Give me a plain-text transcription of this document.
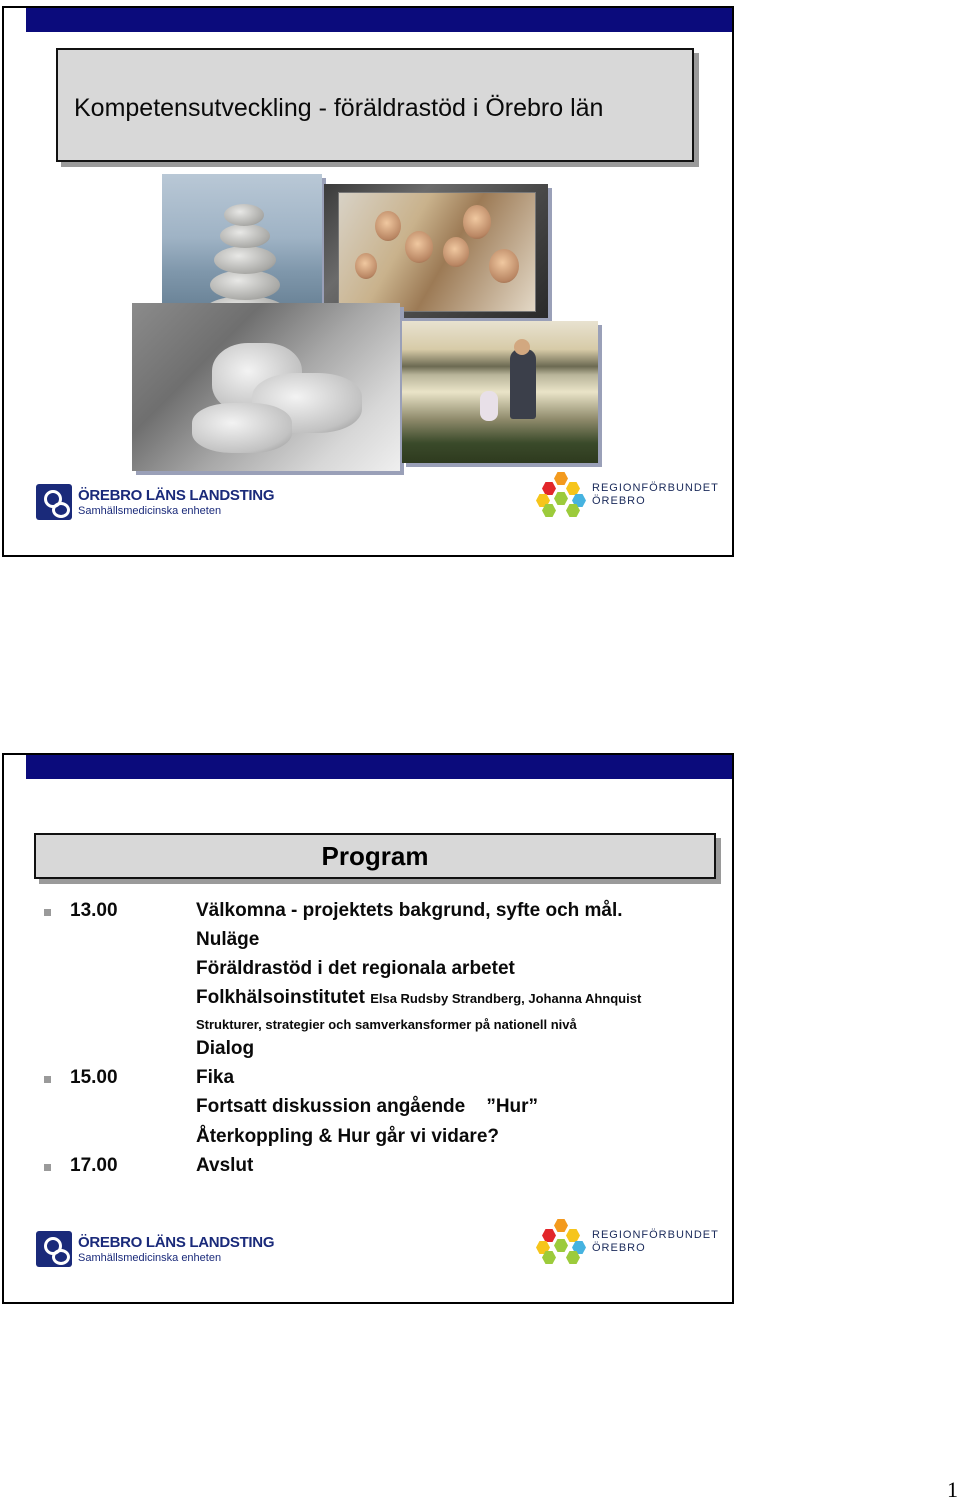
Kompetensutveckling - föräldrastöd i Örebro län
ÖREBRO LÄNS LANDSTING
Samhällsmedicinska enheten
REGIONFÖRBUNDET
ÖREBRO
Program
13.00	Välkomna - projektets bakgrund, syfte och mål.
Nuläge
Föräldrastöd i det regionala arbetet
Folkhälsoinstitutet Elsa Rudsby Strandberg, Johanna Ahnquist
Strukturer, strategier och samverkansformer på nationell nivå
Dialog
15.00	Fika
Fortsatt diskussion angående    ”Hur”
Återkoppling & Hur går vi vidare?
17.00	Avslut
ÖREBRO LÄNS LANDSTING
Samhällsmedicinska enheten
REGIONFÖRBUNDET
ÖREBRO
1
